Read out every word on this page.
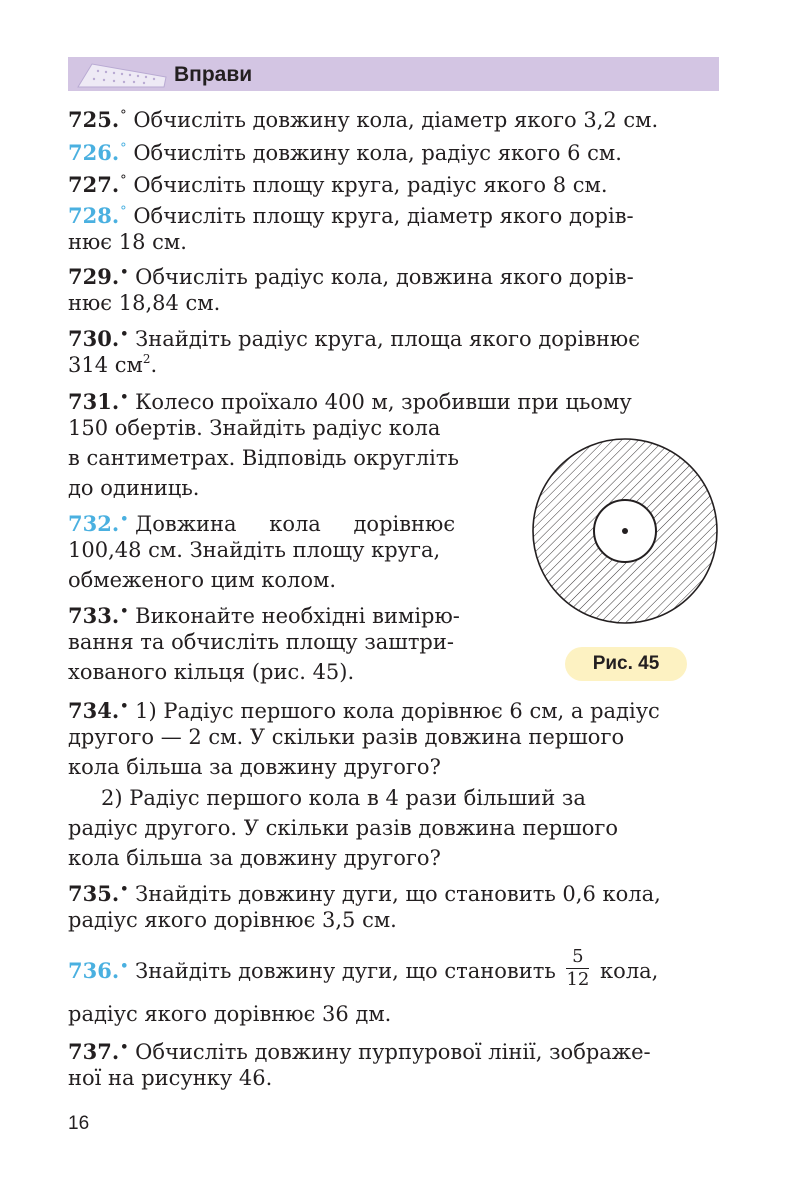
Вправи
725.° Обчисліть довжину кола, діаметр якого 3,2 см.
726.° Обчисліть довжину кола, радіус якого 6 см.
727.° Обчисліть площу круга, радіус якого 8 см.
728.° Обчисліть площу круга, діаметр якого дорів-
нює 18 см.
729.• Обчисліть радіус кола, довжина якого дорів-
нює 18,84 см.
730.• Знайдіть радіус круга, площа якого дорівнює
314 $см^2$.
731.• Колесо проїхало 400 м, зробивши при цьому
150 обертів. Знайдіть радіус кола
в сантиметрах. Відповідь округліть
до одиниць.
732.• Довжина кола дорівнює
100,48 см. Знайдіть площу круга,
обмеженого цим колом.
733.• Виконайте необхідні вимірю-
вання та обчисліть площу заштри-
хованого кільця (рис. 45).	Рис. 45
734.• 1) Радіус першого кола дорівнює 6 см, а радіус
другого — 2 см. У скільки разів довжина першого
кола більша за довжину другого?
2) Радіус першого кола в 4 рази більший за
радіус другого. У скільки разів довжина першого
кола більша за довжину другого?
735.• Знайдіть довжину дуги, що становить 0,6 кола,
радіус якого дорівнює 3,5 см.
736.• Знайдіть довжину дуги, що становить $\frac{5}{12}$ кола,
радіус якого дорівнює 36 дм.
737.• Обчисліть довжину пурпурової лінії, зображе-
ної на рисунку 46.
16
